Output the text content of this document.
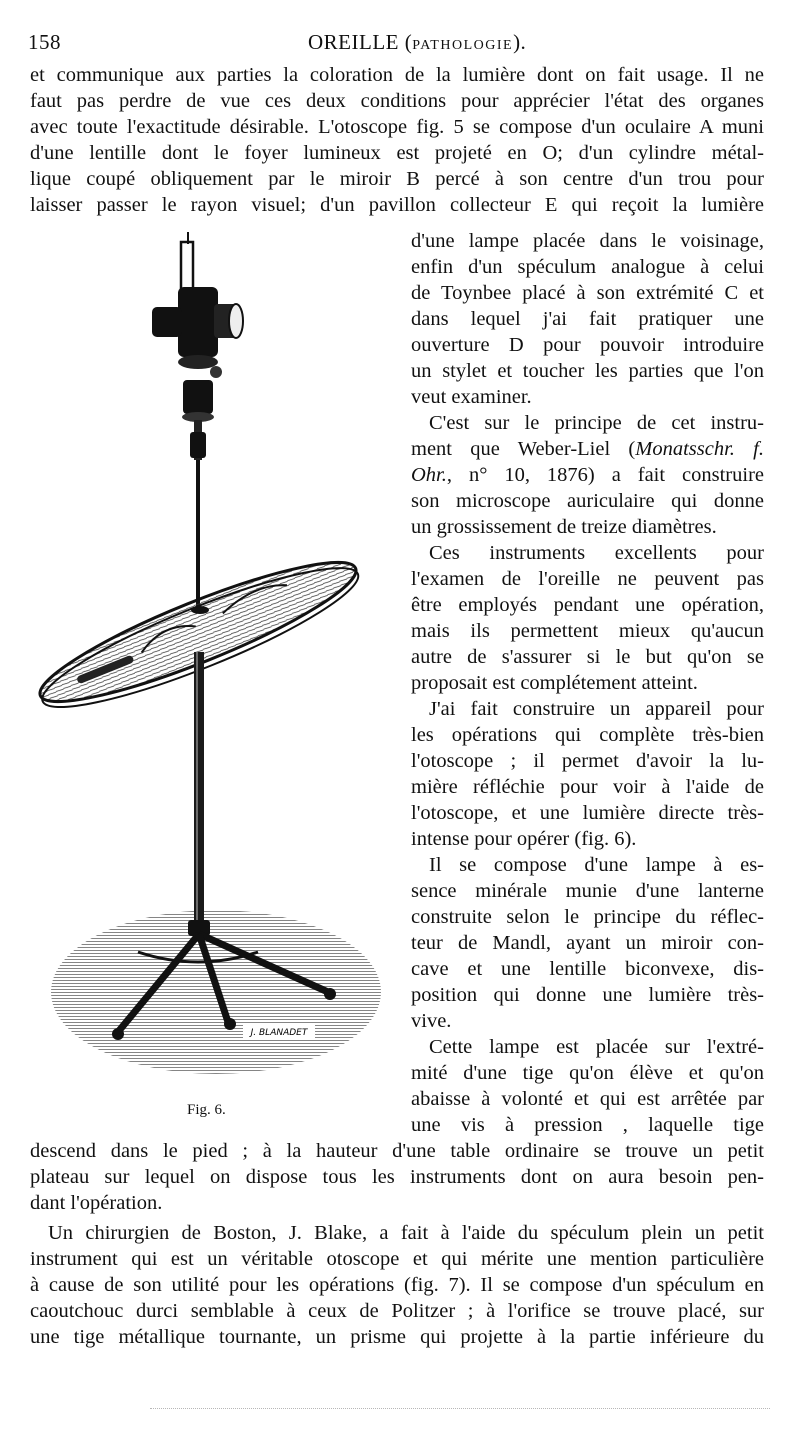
158	OREILLE (PATHOLOGIE).
et communique aux parties la coloration de la lumière dont on fait usage. Il ne
faut pas perdre de vue ces deux conditions pour apprécier l'état des organes
avec toute l'exactitude désirable. L'otoscope fig. 5 se compose d'un oculaire A muni
d'une lentille dont le foyer lumineux est projeté en O; d'un cylindre métal-
lique coupé obliquement par le miroir B percé à son centre d'un trou pour
laisser passer le rayon visuel; d'un pavillon collecteur E qui reçoit la lumière
d'une lampe placée dans le voisinage,
enfin d'un spéculum analogue à celui
de Toynbee placé à son extrémité C et
dans lequel j'ai fait pratiquer une
ouverture D pour pouvoir introduire
un stylet et toucher les parties que l'on
veut examiner.
C'est sur le principe de cet instru-
ment que Weber-Liel (Monatsschr. f.
Ohr., n° 10, 1876) a fait construire
son microscope auriculaire qui donne
un grossissement de treize diamètres.
Ces instruments excellents pour
l'examen de l'oreille ne peuvent pas
être employés pendant une opération,
mais ils permettent mieux qu'aucun
autre de s'assurer si le but qu'on se
proposait est complétement atteint.
J'ai fait construire un appareil pour
les opérations qui complète très-bien
l'otoscope ; il permet d'avoir la lu-
mière réfléchie pour voir à l'aide de
l'otoscope, et une lumière directe très-
intense pour opérer (fig. 6).
Il se compose d'une lampe à es-
sence minérale munie d'une lanterne
construite selon le principe du réflec-
teur de Mandl, ayant un miroir con-
cave et une lentille biconvexe, dis-
position qui donne une lumière très-
vive.
Cette lampe est placée sur l'extré-
mité d'une tige qu'on élève et qu'on
abaisse à volonté et qui est arrêtée par
une vis à pression , laquelle tige
descend dans le pied ; à la hauteur d'une table ordinaire se trouve un petit
plateau sur lequel on dispose tous les instruments dont on aura besoin pen-
dant l'opération.
Un chirurgien de Boston, J. Blake, a fait à l'aide du spéculum plein un petit
instrument qui est un véritable otoscope et qui mérite une mention particulière
à cause de son utilité pour les opérations (fig. 7). Il se compose d'un spéculum en
caoutchouc durci semblable à ceux de Politzer ; à l'orifice se trouve placé, sur
une tige métallique tournante, un prisme qui projette à la partie inférieure du
J. BLANADET
Fig. 6.
